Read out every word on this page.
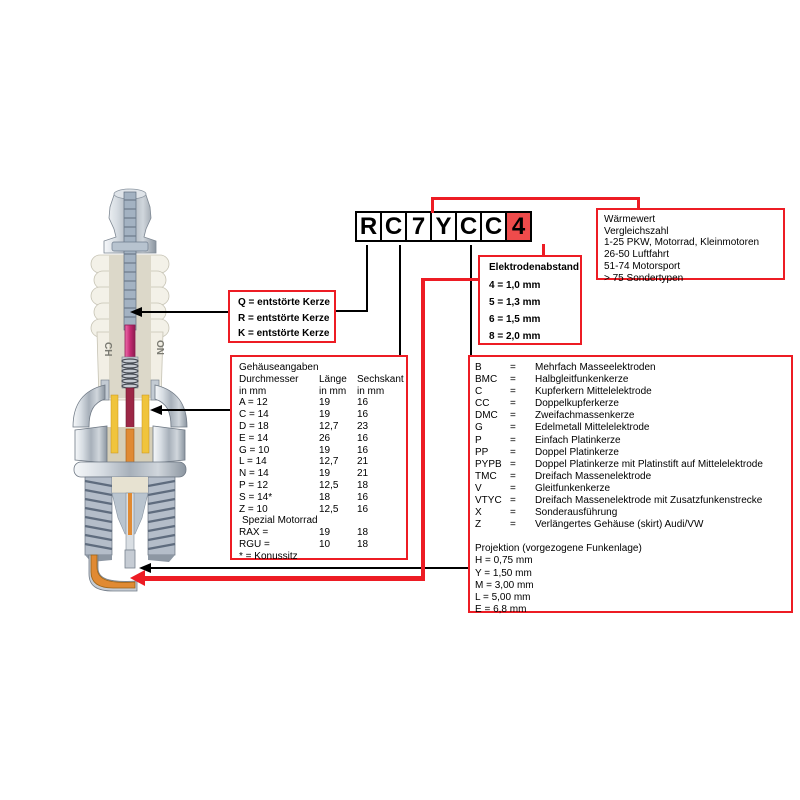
CH	ON
R C 7 Y C C 4	Wärmewert
Vergleichszahl
1-25 PKW, Motorrad, Kleinmotoren
26-50 Luftfahrt
51-74 Motorsport
> 75 Sondertypen
Elektrodenabstand
4 = 1,0 mm
5 = 1,3 mm
6 = 1,5 mm
8 = 2,0 mm
Q = entstörte Kerze
R = entstörte Kerze
K = entstörte Kerze
Gehäuseangaben
Durchmesser	Länge	Sechskant
in mm	in mm	in mm
A = 12	19	16
C = 14	19	16
D = 18	12,7	23
E = 14	26	16
G = 10	19	16
L = 14	12,7	21
N = 14	19	21
P = 12	12,5	18
S = 14*	18	16
Z = 10	12,5	16
Spezial Motorrad
RAX =	19	18
RGU =	10	18
* = Konussitz
B	=	Mehrfach Masseelektroden
BMC	=	Halbgleitfunkenkerze
C	=	Kupferkern Mittelelektrode
CC	=	Doppelkupferkerze
DMC	=	Zweifachmassenkerze
G	=	Edelmetall Mittelelektrode
P	=	Einfach Platinkerze
PP	=	Doppel Platinkerze
PYPB =	Doppel Platinkerze mit Platinstift auf Mittelelektrode
TMC	=	Dreifach Massenelektrode
V	=	Gleitfunkenkerze
VTYC =	Dreifach Massenelektrode mit Zusatzfunkenstrecke
X	=	Sonderausführung
Z	=	Verlängertes Gehäuse (skirt) Audi/VW
Projektion (vorgezogene Funkenlage)
H = 0,75 mm
Y = 1,50 mm
M = 3,00 mm
L = 5,00 mm
E = 6,8 mm
